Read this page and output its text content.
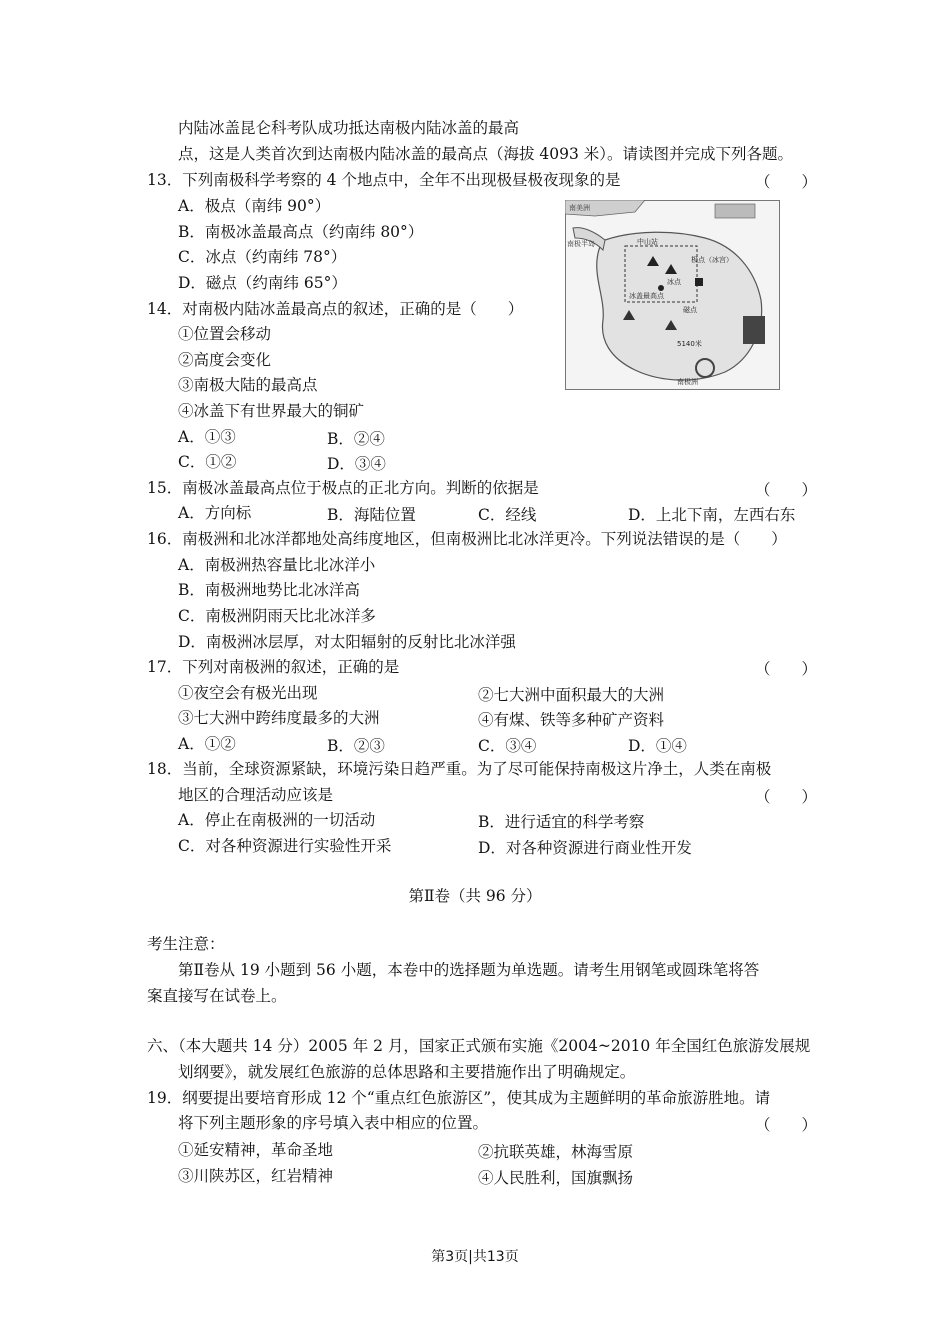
内陆冰盖昆仑科考队成功抵达南极内陆冰盖的最高
点，这是人类首次到达南极内陆冰盖的最高点（海拔 4093 米）。请读图并完成下列各题。
13．下列南极科学考察的 4 个地点中，全年不出现极昼极夜现象的是	（　　）
A．极点（南纬 90°）
B．南极冰盖最高点（约南纬 80°）
C．冰点（约南纬 78°）
D．磁点（约南纬 65°）
南美洲
南极半岛	中山站
极点（冰宫）
冰点
冰盖最高点
磁点
5140米
南极洲
14．对南极内陆冰盖最高点的叙述，正确的是（　　）
①位置会移动
②高度会变化
③南极大陆的最高点
④冰盖下有世界最大的铜矿
A．①③	B．②④
C．①②	D．③④
15．南极冰盖最高点位于极点的正北方向。判断的依据是	（　　）
A．方向标	B．海陆位置	C．经线	D．上北下南，左西右东
16．南极洲和北冰洋都地处高纬度地区，但南极洲比北冰洋更冷。下列说法错误的是（　　）
A．南极洲热容量比北冰洋小
B．南极洲地势比北冰洋高
C．南极洲阴雨天比北冰洋多
D．南极洲冰层厚，对太阳辐射的反射比北冰洋强
17．下列对南极洲的叙述，正确的是	（　　）
①夜空会有极光出现	②七大洲中面积最大的大洲
③七大洲中跨纬度最多的大洲	④有煤、铁等多种矿产资料
A．①②	B．②③	C．③④	D．①④
18．当前，全球资源紧缺，环境污染日趋严重。为了尽可能保持南极这片净土，人类在南极
地区的合理活动应该是	（　　）
A．停止在南极洲的一切活动	B．进行适宜的科学考察
C．对各种资源进行实验性开采	D．对各种资源进行商业性开发
第Ⅱ卷（共 96 分）
考生注意：
第Ⅱ卷从 19 小题到 56 小题，本卷中的选择题为单选题。请考生用钢笔或圆珠笔将答
案直接写在试卷上。
六、（本大题共 14 分）2005 年 2 月，国家正式颁布实施《2004~2010 年全国红色旅游发展规
划纲要》，就发展红色旅游的总体思路和主要措施作出了明确规定。
19．纲要提出要培育形成 12 个“重点红色旅游区”，使其成为主题鲜明的革命旅游胜地。请
将下列主题形象的序号填入表中相应的位置。	（　　）
①延安精神，革命圣地	②抗联英雄，林海雪原
③川陕苏区，红岩精神	④人民胜利，国旗飘扬
第3页|共13页
